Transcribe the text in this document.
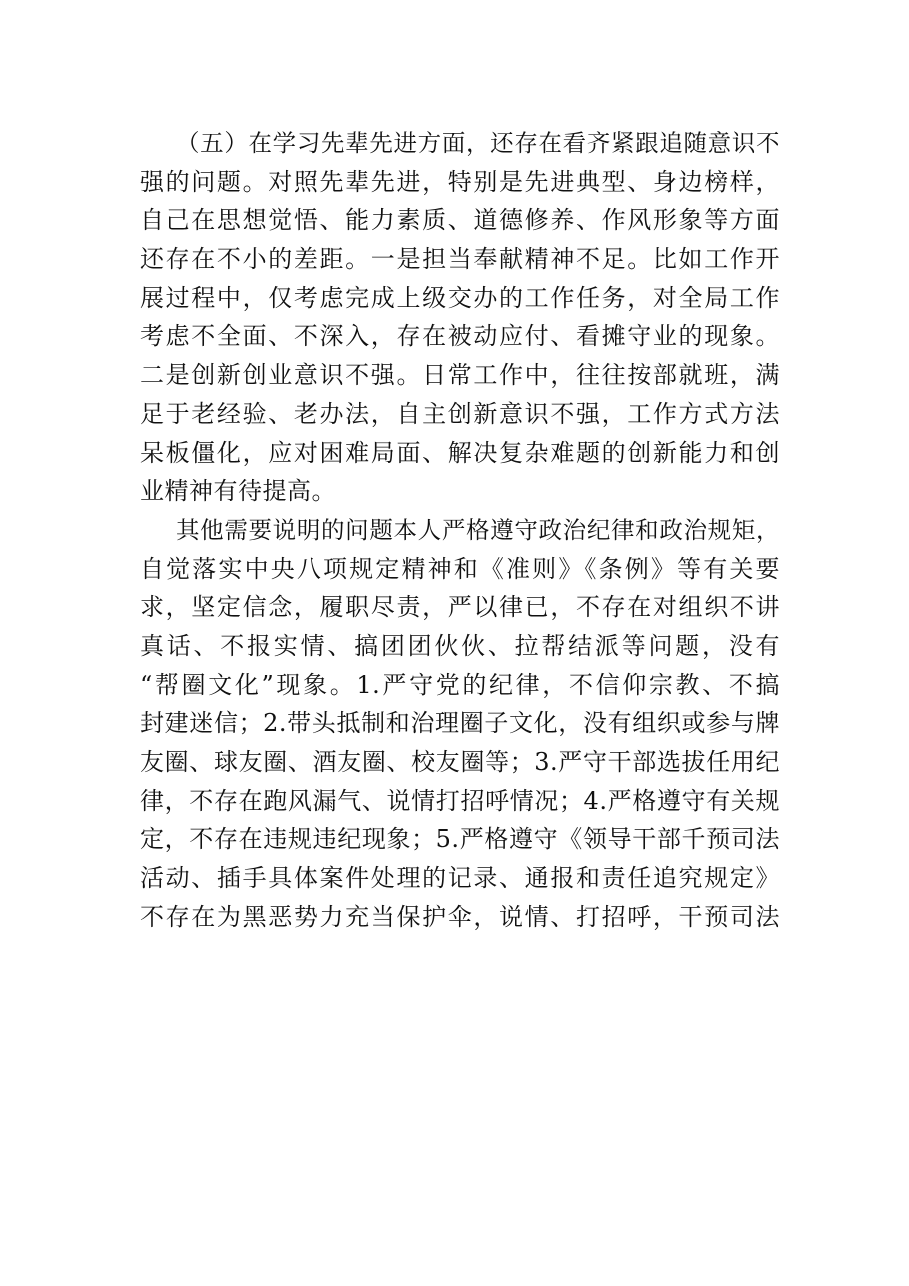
（五）在学习先辈先进方面，还存在看齐紧跟追随意识不
强的问题。对照先辈先进，特别是先进典型、身边榜样，
自己在思想觉悟、能力素质、道德修养、作风形象等方面
还存在不小的差距。一是担当奉献精神不足。比如工作开
展过程中，仅考虑完成上级交办的工作任务，对全局工作
考虑不全面、不深入，存在被动应付、看摊守业的现象。
二是创新创业意识不强。日常工作中，往往按部就班，满
足于老经验、老办法，自主创新意识不强，工作方式方法
呆板僵化，应对困难局面、解决复杂难题的创新能力和创
业精神有待提高。
其他需要说明的问题本人严格遵守政治纪律和政治规矩，
自觉落实中央八项规定精神和《准则》《条例》等有关要
求，坚定信念，履职尽责，严以律已，不存在对组织不讲
真话、不报实情、搞团团伙伙、拉帮结派等问题，没有
“帮圈文化”现象。1.严守党的纪律，不信仰宗教、不搞
封建迷信；2.带头抵制和治理圈子文化，没有组织或参与牌
友圈、球友圈、酒友圈、校友圈等；3.严守干部选拔任用纪
律，不存在跑风漏气、说情打招呼情况；4.严格遵守有关规
定，不存在违规违纪现象；5.严格遵守《领导干部千预司法
活动、插手具体案件处理的记录、通报和责任追究规定》
不存在为黑恶势力充当保护伞，说情、打招呼，干预司法
